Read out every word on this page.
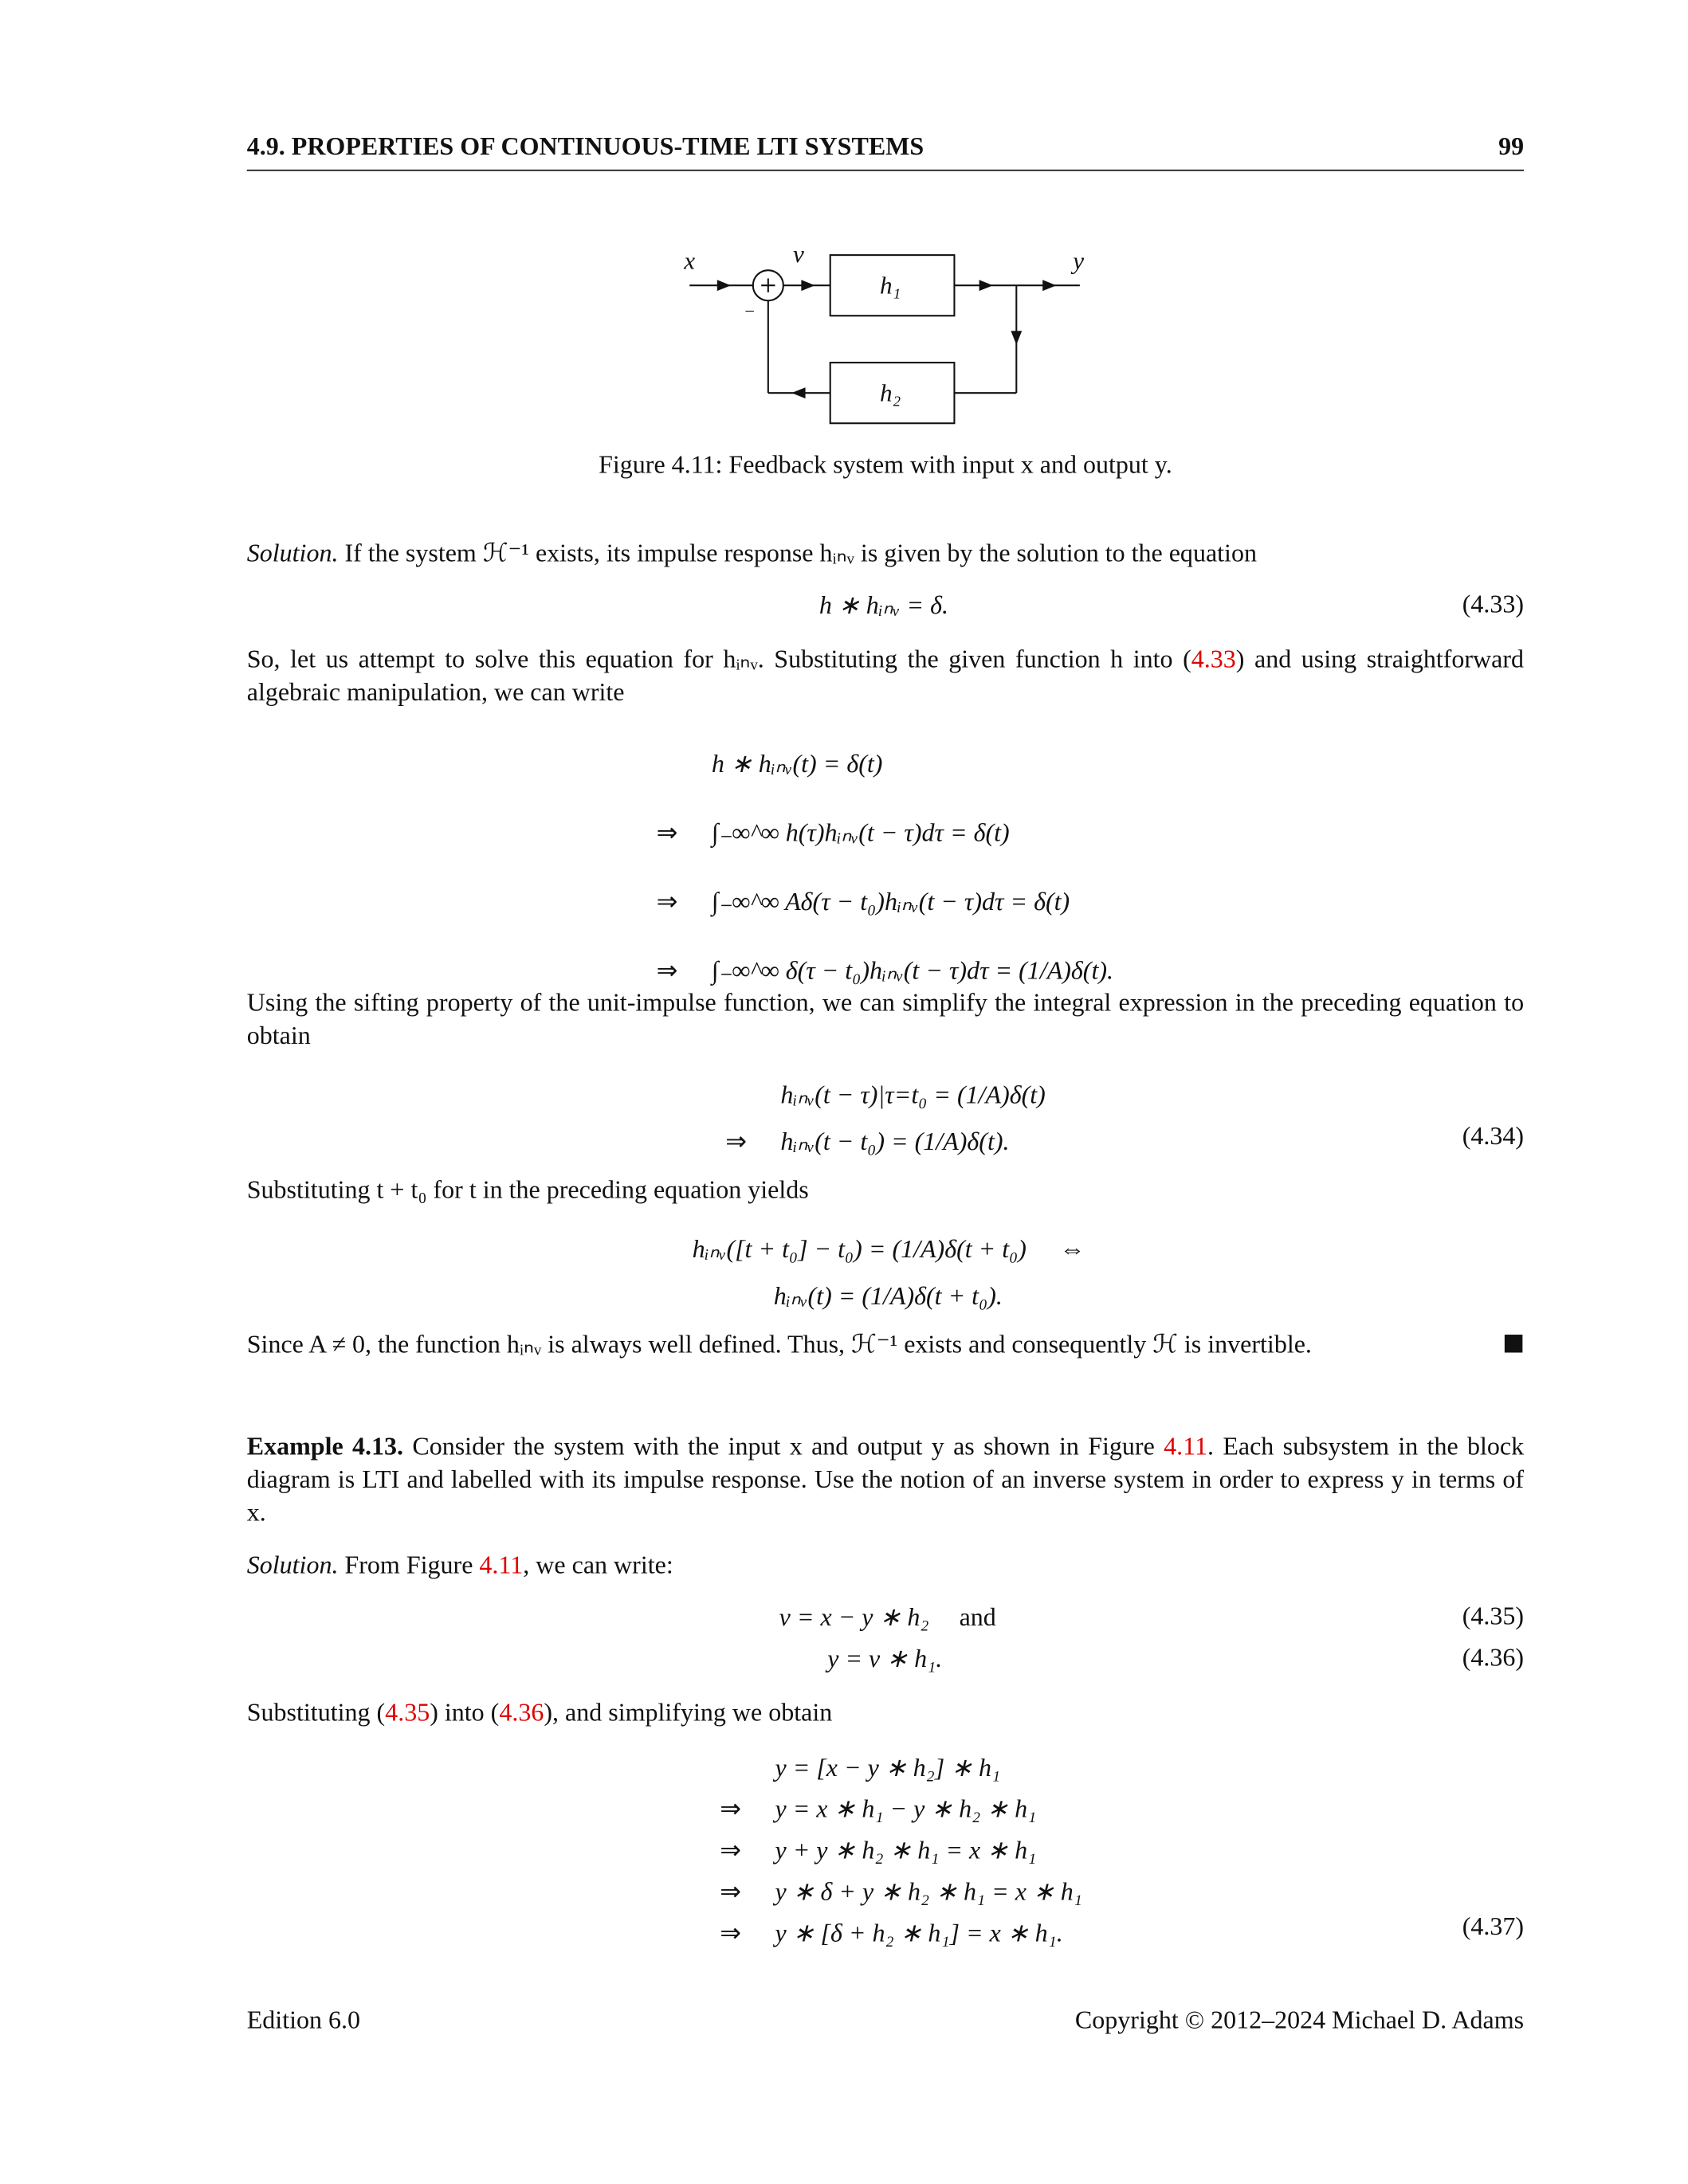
4.9. PROPERTIES OF CONTINUOUS-TIME LTI SYSTEMS	99
x	v	y
h₁
h₂
−
Figure 4.11: Feedback system with input x and output y.
Solution. If the system ℋ⁻¹ exists, its impulse response hᵢₙᵥ is given by the solution to the equation
h ∗ hᵢₙᵥ = δ.	(4.33)
So, let us attempt to solve this equation for hᵢₙᵥ. Substituting the given function h into (4.33) and using straightforward algebraic manipulation, we can write
h ∗ hᵢₙᵥ(t) = δ(t)
⇒ ∫₋∞^∞ h(τ)hᵢₙᵥ(t − τ)dτ = δ(t)
⇒ ∫₋∞^∞ Aδ(τ − t₀)hᵢₙᵥ(t − τ)dτ = δ(t)
⇒ ∫₋∞^∞ δ(τ − t₀)hᵢₙᵥ(t − τ)dτ = (1/A)δ(t).
Using the sifting property of the unit-impulse function, we can simplify the integral expression in the preceding equation to obtain
hᵢₙᵥ(t − τ)|τ=t₀ = (1/A)δ(t)
⇒ hᵢₙᵥ(t − t₀) = (1/A)δ(t).	(4.34)
Substituting t + t₀ for t in the preceding equation yields
hᵢₙᵥ([t + t₀] − t₀) = (1/A)δ(t + t₀) ⇔
hᵢₙᵥ(t) = (1/A)δ(t + t₀).
Since A ≠ 0, the function hᵢₙᵥ is always well defined. Thus, ℋ⁻¹ exists and consequently ℋ is invertible.
Example 4.13. Consider the system with the input x and output y as shown in Figure 4.11. Each subsystem in the block diagram is LTI and labelled with its impulse response. Use the notion of an inverse system in order to express y in terms of x.
Solution. From Figure 4.11, we can write:
v = x − y ∗ h₂ and	(4.35)
y = v ∗ h₁.	(4.36)
Substituting (4.35) into (4.36), and simplifying we obtain
y = [x − y ∗ h₂] ∗ h₁
⇒ y = x ∗ h₁ − y ∗ h₂ ∗ h₁
⇒ y + y ∗ h₂ ∗ h₁ = x ∗ h₁
⇒ y ∗ δ + y ∗ h₂ ∗ h₁ = x ∗ h₁
⇒ y ∗ [δ + h₂ ∗ h₁] = x ∗ h₁.	(4.37)
Edition 6.0	Copyright © 2012–2024 Michael D. Adams
